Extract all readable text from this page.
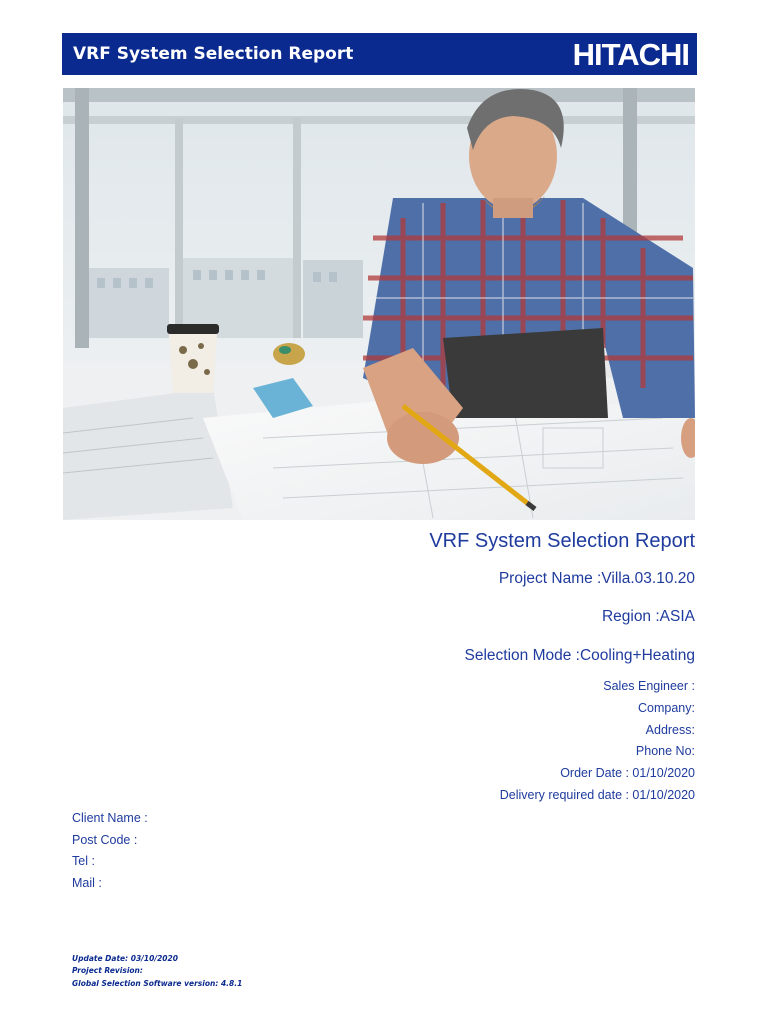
VRF System Selection Report	HITACHI
VRF System Selection Report
Project Name :Villa.03.10.20
Region :ASIA
Selection Mode :Cooling+Heating
Sales Engineer :
Company:
Address:
Phone No:
Order Date : 01/10/2020
Delivery required date : 01/10/2020
Client Name :
Post Code :
Tel :
Mail :
Update Date: 03/10/2020
Project Revision:
Global Selection Software version: 4.8.1
